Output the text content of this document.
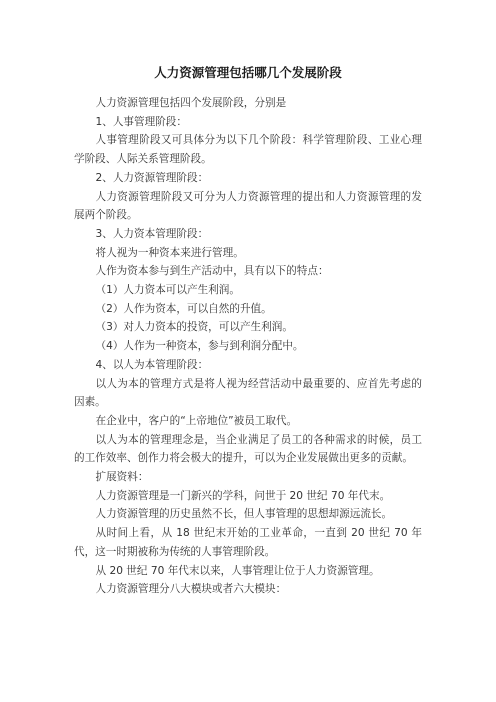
人力资源管理包括哪几个发展阶段

人力资源管理包括四个发展阶段，分别是

1、人事管理阶段：

人事管理阶段又可具体分为以下几个阶段：科学管理阶段、工业心理学阶段、人际关系管理阶段。

2、人力资源管理阶段：

人力资源管理阶段又可分为人力资源管理的提出和人力资源管理的发展两个阶段。

3、人力资本管理阶段：

将人视为一种资本来进行管理。

人作为资本参与到生产活动中，具有以下的特点：

（1）人力资本可以产生利润。

（2）人作为资本，可以自然的升值。

（3）对人力资本的投资，可以产生利润。

（4）人作为一种资本，参与到利润分配中。

4、以人为本管理阶段：

以人为本的管理方式是将人视为经营活动中最重要的、应首先考虑的因素。

在企业中，客户的“上帝地位”被员工取代。

以人为本的管理理念是，当企业满足了员工的各种需求的时候，员工的工作效率、创作力将会极大的提升，可以为企业发展做出更多的贡献。

扩展资料：

人力资源管理是一门新兴的学科，问世于 20 世纪 70 年代末。

人力资源管理的历史虽然不长，但人事管理的思想却源远流长。

从时间上看，从 18 世纪末开始的工业革命，一直到 20 世纪 70 年代，这一时期被称为传统的人事管理阶段。

从 20 世纪 70 年代末以来，人事管理让位于人力资源管理。

人力资源管理分八大模块或者六大模块：
